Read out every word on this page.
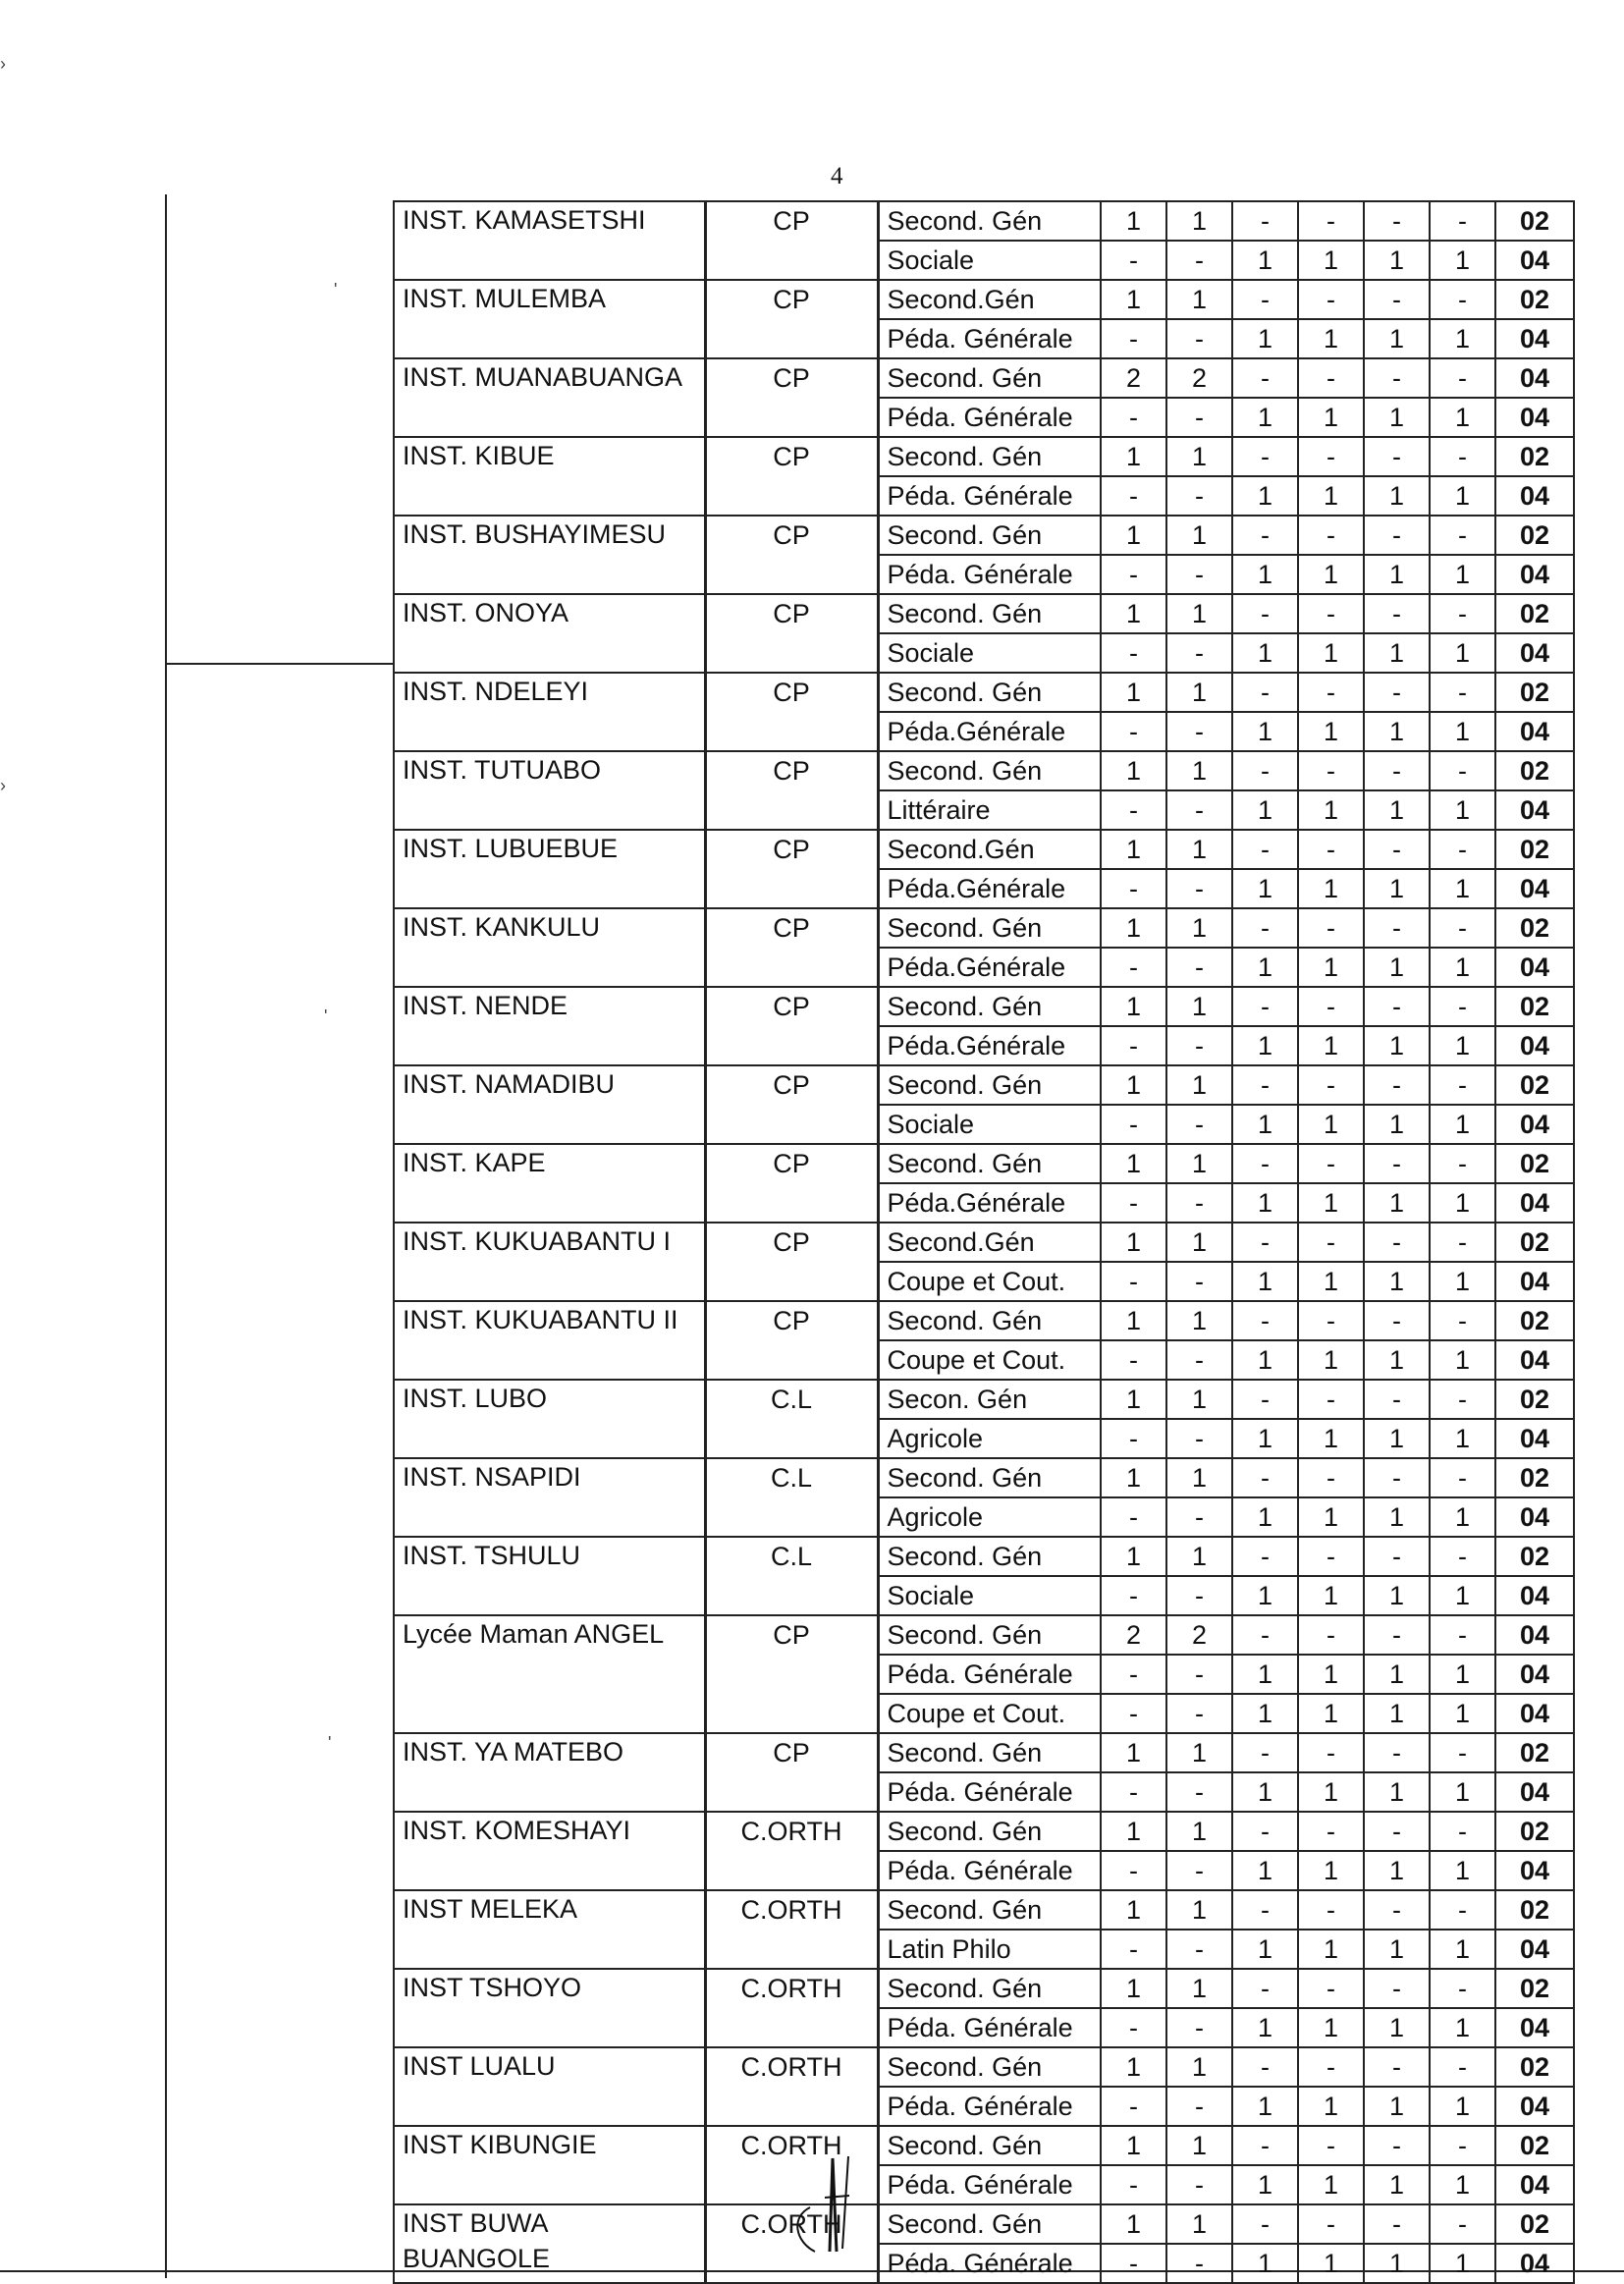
4
'
'
'
›
›
INST. KAMASETSHI	CP	Second. Gén	1	1	-	-	-	-	02
		Sociale	-	-	1	1	1	1	04
INST. MULEMBA	CP	Second.Gén	1	1	-	-	-	-	02
		Péda. Générale	-	-	1	1	1	1	04
INST. MUANABUANGA	CP	Second. Gén	2	2	-	-	-	-	04
		Péda. Générale	-	-	1	1	1	1	04
INST. KIBUE	CP	Second. Gén	1	1	-	-	-	-	02
		Péda. Générale	-	-	1	1	1	1	04
INST. BUSHAYIMESU	CP	Second. Gén	1	1	-	-	-	-	02
		Péda. Générale	-	-	1	1	1	1	04
INST. ONOYA	CP	Second. Gén	1	1	-	-	-	-	02
		Sociale	-	-	1	1	1	1	04
INST. NDELEYI	CP	Second. Gén	1	1	-	-	-	-	02
		Péda.Générale	-	-	1	1	1	1	04
INST. TUTUABO	CP	Second. Gén	1	1	-	-	-	-	02
		Littéraire	-	-	1	1	1	1	04
INST. LUBUEBUE	CP	Second.Gén	1	1	-	-	-	-	02
		Péda.Générale	-	-	1	1	1	1	04
INST. KANKULU	CP	Second. Gén	1	1	-	-	-	-	02
		Péda.Générale	-	-	1	1	1	1	04
INST. NENDE	CP	Second. Gén	1	1	-	-	-	-	02
		Péda.Générale	-	-	1	1	1	1	04
INST. NAMADIBU	CP	Second. Gén	1	1	-	-	-	-	02
		Sociale	-	-	1	1	1	1	04
INST. KAPE	CP	Second. Gén	1	1	-	-	-	-	02
		Péda.Générale	-	-	1	1	1	1	04
INST. KUKUABANTU I	CP	Second.Gén	1	1	-	-	-	-	02
		Coupe et Cout.	-	-	1	1	1	1	04
INST. KUKUABANTU II	CP	Second. Gén	1	1	-	-	-	-	02
		Coupe et Cout.	-	-	1	1	1	1	04
INST. LUBO	C.L	Secon. Gén	1	1	-	-	-	-	02
		Agricole	-	-	1	1	1	1	04
INST. NSAPIDI	C.L	Second. Gén	1	1	-	-	-	-	02
		Agricole	-	-	1	1	1	1	04
INST. TSHULU	C.L	Second. Gén	1	1	-	-	-	-	02
		Sociale	-	-	1	1	1	1	04
Lycée Maman ANGEL	CP	Second. Gén	2	2	-	-	-	-	04
		Péda. Générale	-	-	1	1	1	1	04
		Coupe et Cout.	-	-	1	1	1	1	04
INST. YA MATEBO	CP	Second. Gén	1	1	-	-	-	-	02
		Péda. Générale	-	-	1	1	1	1	04
INST. KOMESHAYI	C.ORTH	Second. Gén	1	1	-	-	-	-	02
		Péda. Générale	-	-	1	1	1	1	04
INST MELEKA	C.ORTH	Second. Gén	1	1	-	-	-	-	02
		Latin Philo	-	-	1	1	1	1	04
INST TSHOYO	C.ORTH	Second. Gén	1	1	-	-	-	-	02
		Péda. Générale	-	-	1	1	1	1	04
INST LUALU	C.ORTH	Second. Gén	1	1	-	-	-	-	02
		Péda. Générale	-	-	1	1	1	1	04
INST KIBUNGIE	C.ORTH	Second. Gén	1	1	-	-	-	-	02
		Péda. Générale	-	-	1	1	1	1	04
INST BUWA BUANGOLE	C.ORTH	Second. Gén	1	1	-	-	-	-	02
		Péda. Générale	-	-	1	1	1	1	04
